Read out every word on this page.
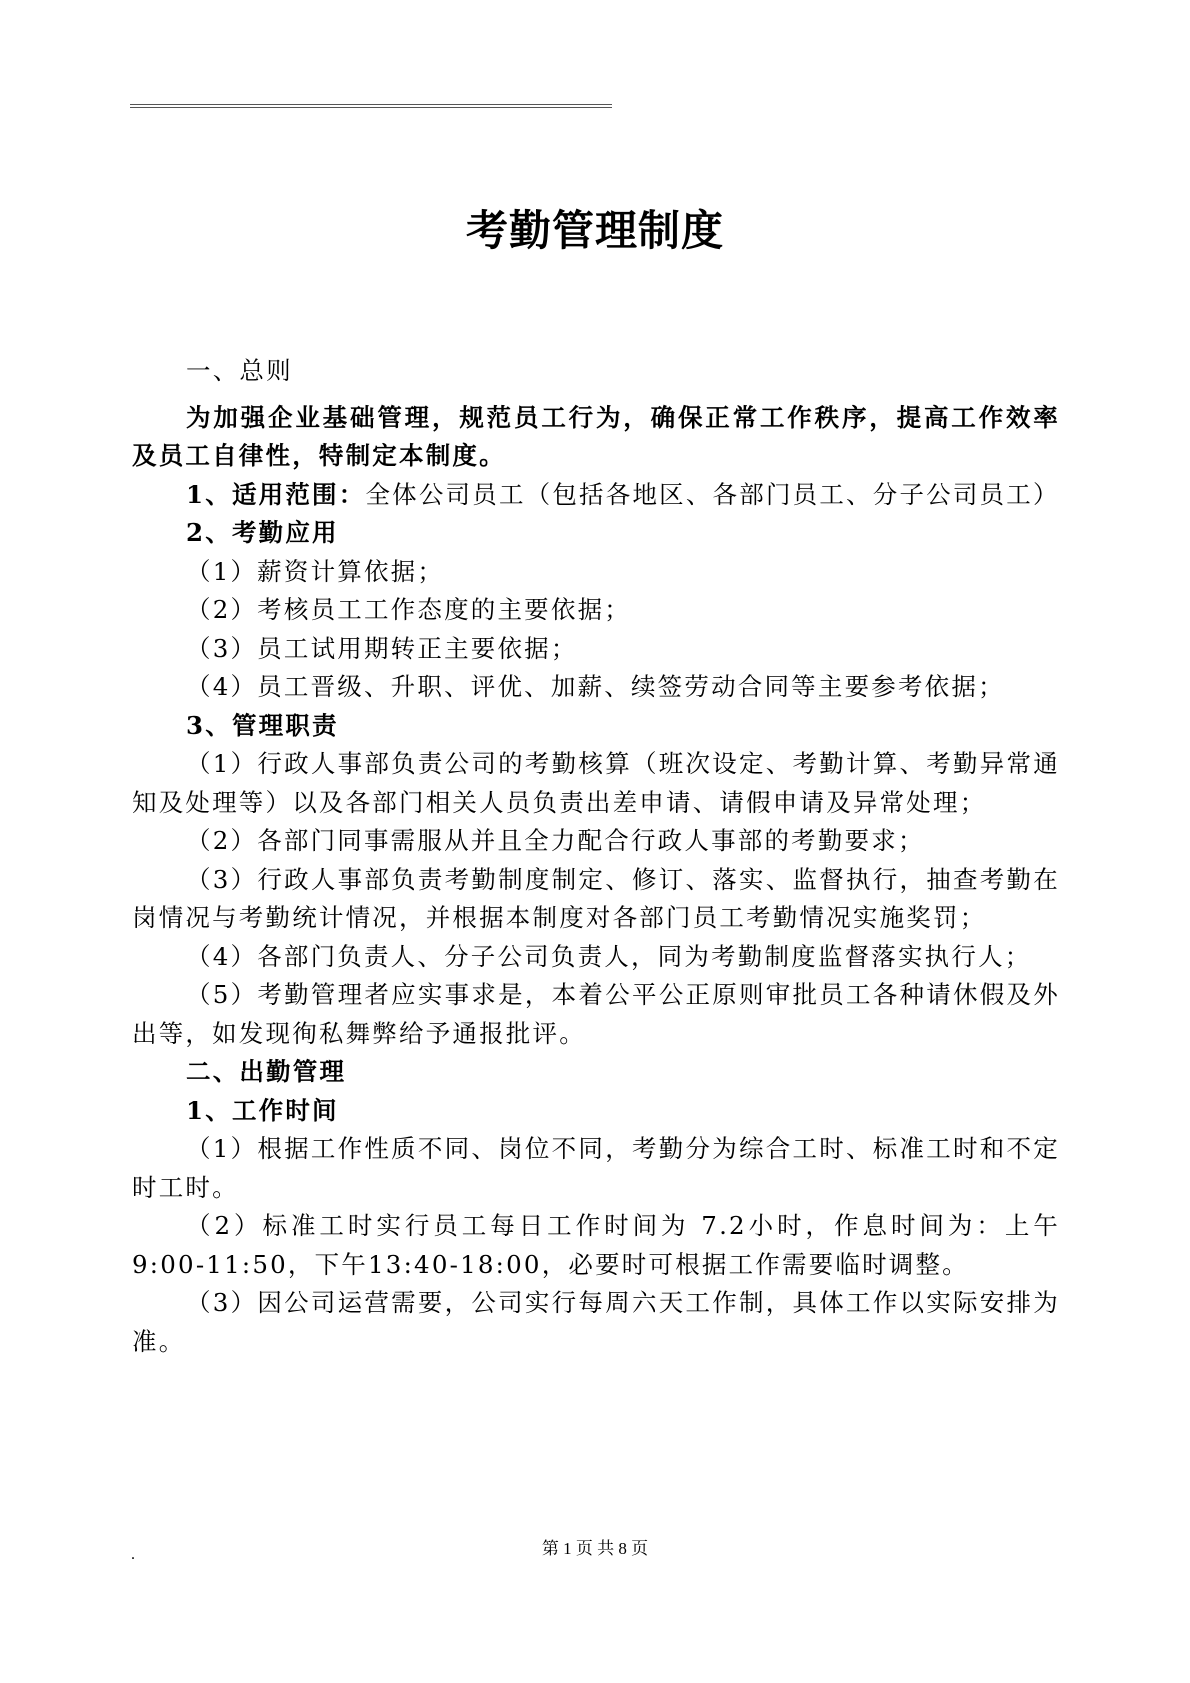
考勤管理制度

一、总则

为加强企业基础管理，规范员工行为，确保正常工作秩序，提高工作效率及员工自律性，特制定本制度。

1、适用范围：全体公司员工（包括各地区、各部门员工、分子公司员工）

2、考勤应用

（1）薪资计算依据；

（2）考核员工工作态度的主要依据；

（3）员工试用期转正主要依据；

（4）员工晋级、升职、评优、加薪、续签劳动合同等主要参考依据；

3、管理职责

（1）行政人事部负责公司的考勤核算（班次设定、考勤计算、考勤异常通知及处理等）以及各部门相关人员负责出差申请、请假申请及异常处理；

（2）各部门同事需服从并且全力配合行政人事部的考勤要求；

（3）行政人事部负责考勤制度制定、修订、落实、监督执行，抽查考勤在岗情况与考勤统计情况，并根据本制度对各部门员工考勤情况实施奖罚；

（4）各部门负责人、分子公司负责人，同为考勤制度监督落实执行人；

（5）考勤管理者应实事求是，本着公平公正原则审批员工各种请休假及外出等，如发现徇私舞弊给予通报批评。

二、出勤管理

1、工作时间

（1）根据工作性质不同、岗位不同，考勤分为综合工时、标准工时和不定时工时。

（2）标准工时实行员工每日工作时间为 7.2小时，作息时间为：上午9:00-11:50，下午13:40-18:00，必要时可根据工作需要临时调整。

（3）因公司运营需要，公司实行每周六天工作制，具体工作以实际安排为准。

第 1 页 共 8 页
.
